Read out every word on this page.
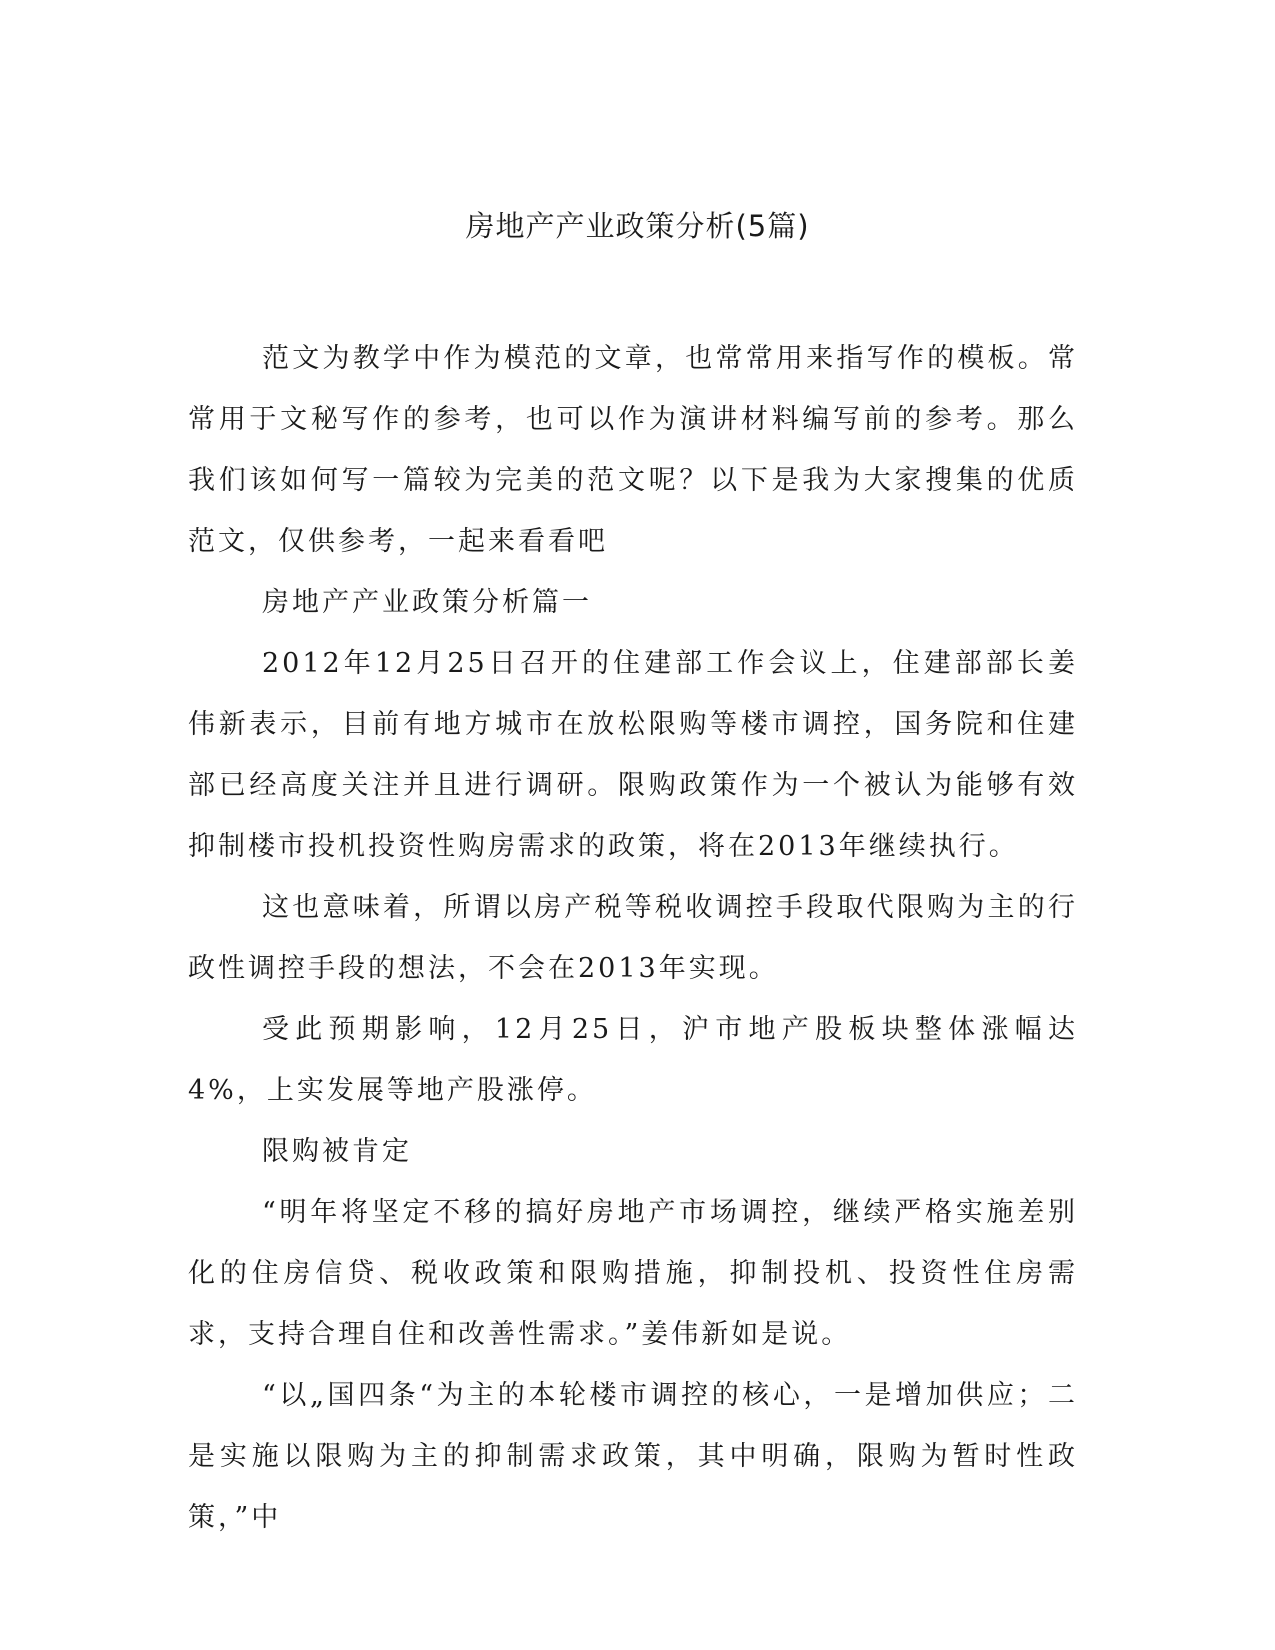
房地产产业政策分析(5篇)

范文为教学中作为模范的文章，也常常用来指写作的模板。常常用于文秘写作的参考，也可以作为演讲材料编写前的参考。那么我们该如何写一篇较为完美的范文呢？以下是我为大家搜集的优质范文，仅供参考，一起来看看吧

房地产产业政策分析篇一

2012年12月25日召开的住建部工作会议上，住建部部长姜伟新表示，目前有地方城市在放松限购等楼市调控，国务院和住建部已经高度关注并且进行调研。限购政策作为一个被认为能够有效抑制楼市投机投资性购房需求的政策，将在2013年继续执行。

这也意味着，所谓以房产税等税收调控手段取代限购为主的行政性调控手段的想法，不会在2013年实现。

受此预期影响，12月25日，沪市地产股板块整体涨幅达4%，上实发展等地产股涨停。

限购被肯定

“明年将坚定不移的搞好房地产市场调控，继续严格实施差别化的住房信贷、税收政策和限购措施，抑制投机、投资性住房需求，支持合理自住和改善性需求。”姜伟新如是说。

“以„国四条“为主的本轮楼市调控的核心，一是增加供应；二是实施以限购为主的抑制需求政策，其中明确，限购为暂时性政策，”中
